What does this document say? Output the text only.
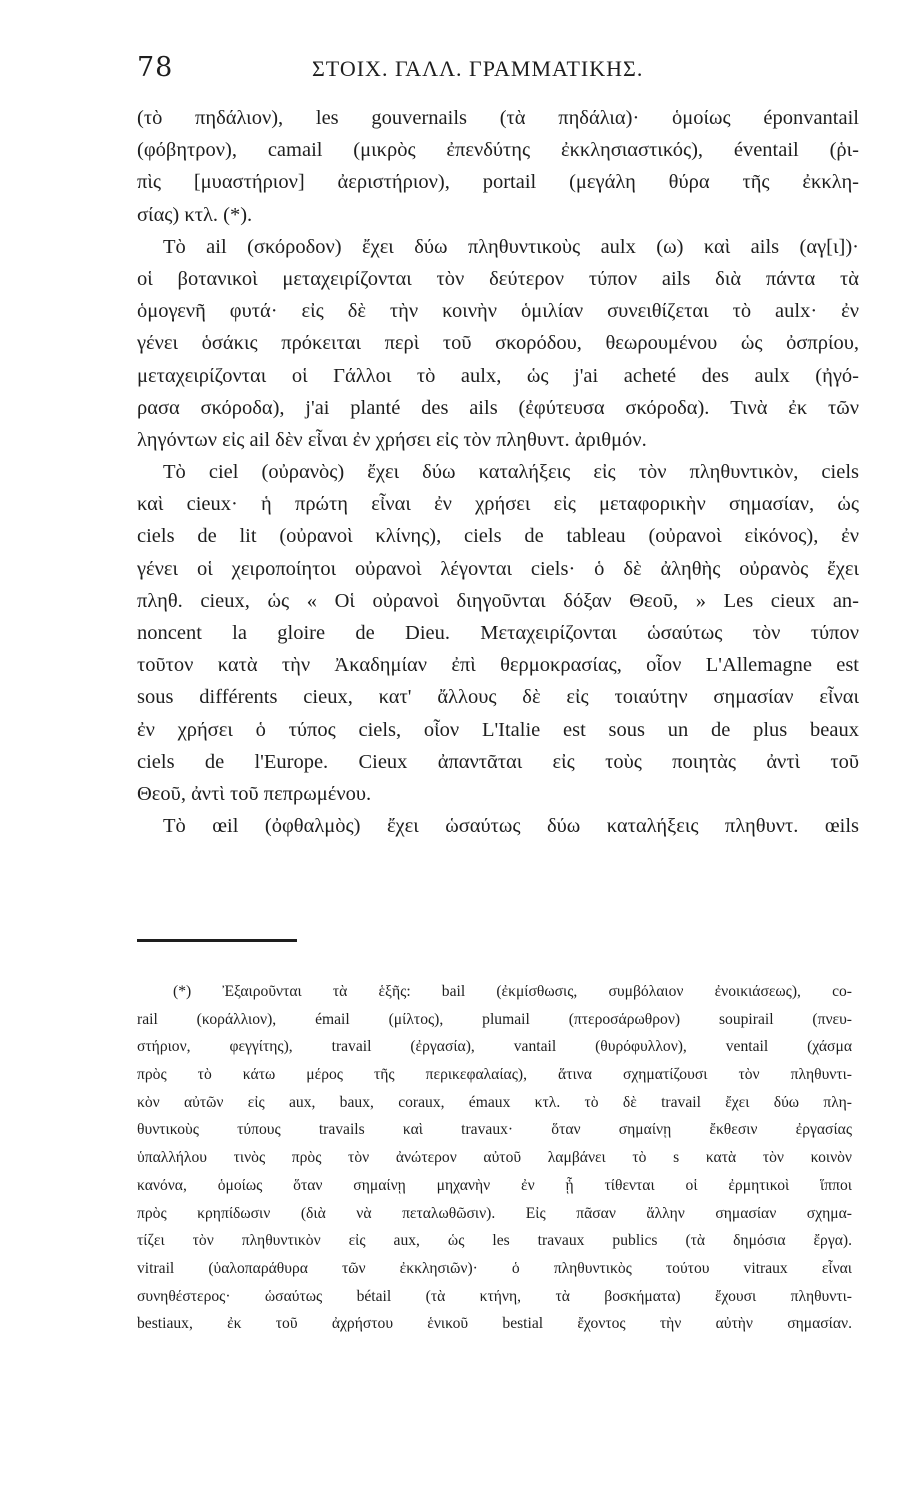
78	ΣΤΟΙΧ. ΓΑΛΛ. ΓΡΑΜΜΑΤΙΚΗΣ.
(τὸ πηδάλιον), les gouvernails (τὰ πηδάλια)· ὁμοίως éponvantail
(φόβητρον), camail (μικρὸς ἐπενδύτης ἐκκλησιαστικός), éventail (ῥι-
πὶς [μυαστήριον] ἀεριστήριον), portail (μεγάλη θύρα τῆς ἐκκλη-
σίας) κτλ. (*).
Τὸ ail (σκόροδον) ἔχει δύω πληθυντικοὺς aulx (ω) καὶ ails (αγ[ι])·
οἱ βοτανικοὶ μεταχειρίζονται τὸν δεύτερον τύπον ails διὰ πάντα τὰ
ὁμογενῆ φυτά· εἰς δὲ τὴν κοινὴν ὁμιλίαν συνειθίζεται τὸ aulx· ἐν
γένει ὁσάκις πρόκειται περὶ τοῦ σκορόδου, θεωρουμένου ὡς ὀσπρίου,
μεταχειρίζονται οἱ Γάλλοι τὸ aulx, ὡς j'ai acheté des aulx (ἠγό-
ρασα σκόροδα), j'ai planté des ails (ἐφύτευσα σκόροδα). Τινὰ ἐκ τῶν
ληγόντων εἰς ail δὲν εἶναι ἐν χρήσει εἰς τὸν πληθυντ. ἀριθμόν.
Τὸ ciel (οὐρανὸς) ἔχει δύω καταλήξεις εἰς τὸν πληθυντικὸν, ciels
καὶ cieux· ἡ πρώτη εἶναι ἐν χρήσει εἰς μεταφορικὴν σημασίαν, ὡς
ciels de lit (οὐρανοὶ κλίνης), ciels de tableau (οὐρανοὶ εἰκόνος), ἐν
γένει οἱ χειροποίητοι οὐρανοὶ λέγονται ciels· ὁ δὲ ἀληθὴς οὐρανὸς ἔχει
πληθ. cieux, ὡς « Οἱ οὐρανοὶ διηγοῦνται δόξαν Θεοῦ, » Les cieux an-
noncent la gloire de Dieu. Μεταχειρίζονται ὡσαύτως τὸν τύπον
τοῦτον κατὰ τὴν Ἀκαδημίαν ἐπὶ θερμοκρασίας, οἷον L'Allemagne est
sous différents cieux, κατ' ἄλλους δὲ εἰς τοιαύτην σημασίαν εἶναι
ἐν χρήσει ὁ τύπος ciels, οἷον L'Italie est sous un de plus beaux
ciels de l'Europe. Cieux ἀπαντᾶται εἰς τοὺς ποιητὰς ἀντὶ τοῦ
Θεοῦ, ἀντὶ τοῦ πεπρωμένου.
Τὸ œil (ὀφθαλμὸς) ἔχει ὡσαύτως δύω καταλήξεις πληθυντ. œils
(*) Ἐξαιροῦνται τὰ ἑξῆς: bail (ἐκμίσθωσις, συμβόλαιον ἐνοικιάσεως), co-
rail (κοράλλιον), émail (μίλτος), plumail (πτεροσάρωθρον) soupirail (πνευ-
στήριον, φεγγίτης), travail (ἐργασία), vantail (θυρόφυλλον), ventail (χάσμα
πρὸς τὸ κάτω μέρος τῆς περικεφαλαίας), ἅτινα σχηματίζουσι τὸν πληθυντι-
κὸν αὐτῶν εἰς aux, baux, coraux, émaux κτλ. τὸ δὲ travail ἔχει δύω πλη-
θυντικοὺς τύπους travails καὶ travaux· ὅταν σημαίνῃ ἔκθεσιν ἐργασίας
ὑπαλλήλου τινὸς πρὸς τὸν ἀνώτερον αὐτοῦ λαμβάνει τὸ s κατὰ τὸν κοινὸν
κανόνα, ὁμοίως ὅταν σημαίνῃ μηχανὴν ἐν ᾗ τίθενται οἱ ἐρμητικοὶ ἵπποι
πρὸς κρηπίδωσιν (διὰ νὰ πεταλωθῶσιν). Εἰς πᾶσαν ἄλλην σημασίαν σχημα-
τίζει τὸν πληθυντικὸν εἰς aux, ὡς les travaux publics (τὰ δημόσια ἔργα).
vitrail (ὑαλοπαράθυρα τῶν ἐκκλησιῶν)· ὁ πληθυντικὸς τούτου vitraux εἶναι
συνηθέστερος· ὡσαύτως bétail (τὰ κτήνη, τὰ βοσκήματα) ἔχουσι πληθυντι-
bestiaux, ἐκ τοῦ ἀχρήστου ἑνικοῦ bestial ἔχοντος τὴν αὐτὴν σημασίαν.
